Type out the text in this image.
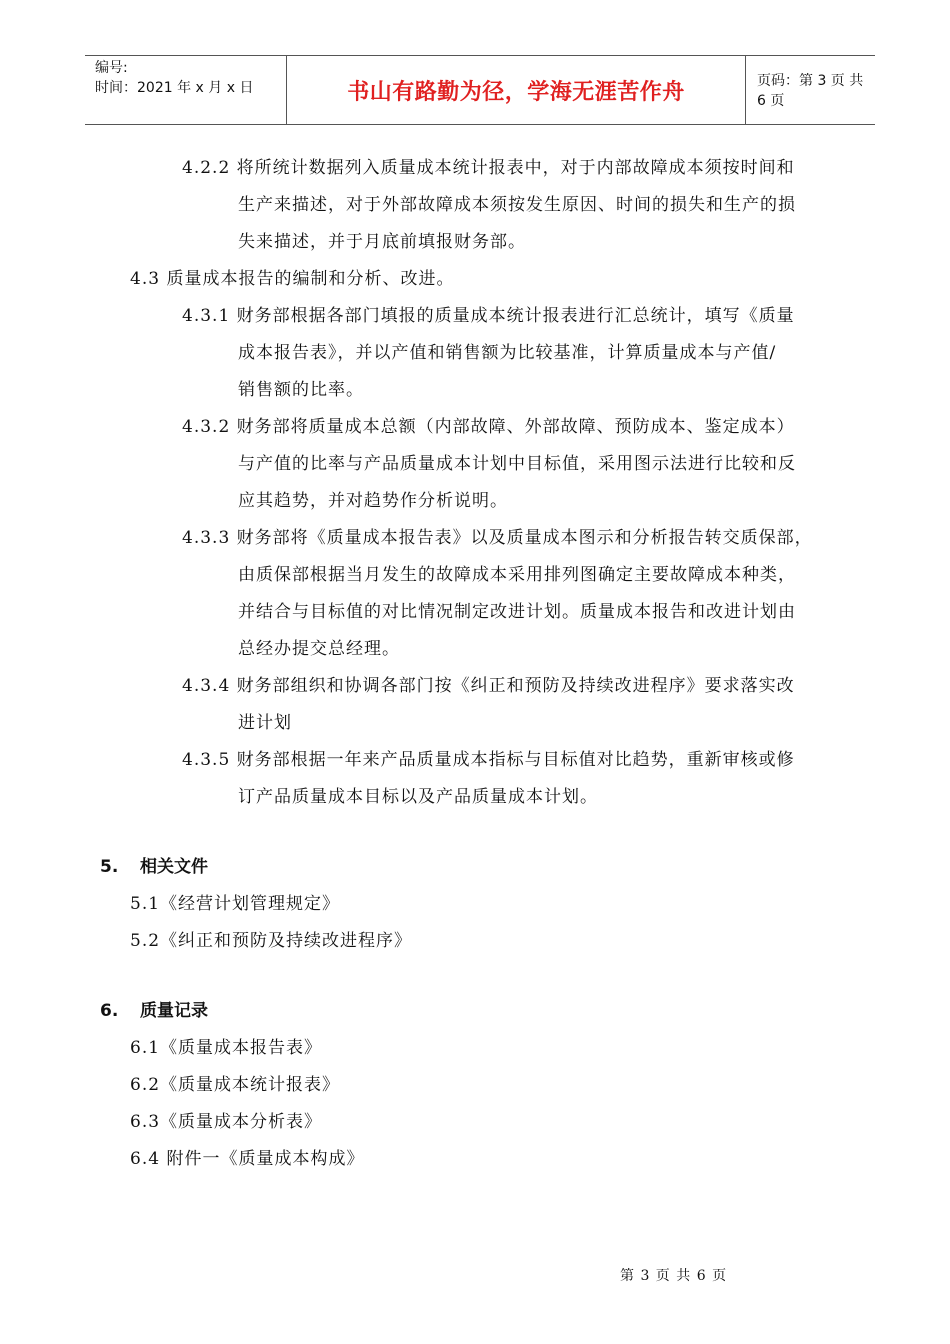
编号:
时间：2021 年 x 月 x 日	书山有路勤为径，学海无涯苦作舟	页码：第 3 页 共 6 页
4.2.2 将所统计数据列入质量成本统计报表中，对于内部故障成本须按时间和
生产来描述，对于外部故障成本须按发生原因、时间的损失和生产的损
失来描述，并于月底前填报财务部。
4.3 质量成本报告的编制和分析、改进。
4.3.1 财务部根据各部门填报的质量成本统计报表进行汇总统计，填写《质量
成本报告表》，并以产值和销售额为比较基准，计算质量成本与产值/
销售额的比率。
4.3.2 财务部将质量成本总额（内部故障、外部故障、预防成本、鉴定成本）
与产值的比率与产品质量成本计划中目标值，采用图示法进行比较和反
应其趋势，并对趋势作分析说明。
4.3.3 财务部将《质量成本报告表》以及质量成本图示和分析报告转交质保部，
由质保部根据当月发生的故障成本采用排列图确定主要故障成本种类，
并结合与目标值的对比情况制定改进计划。质量成本报告和改进计划由
总经办提交总经理。
4.3.4 财务部组织和协调各部门按《纠正和预防及持续改进程序》要求落实改
进计划
4.3.5 财务部根据一年来产品质量成本指标与目标值对比趋势，重新审核或修
订产品质量成本目标以及产品质量成本计划。
5. 相关文件
5.1《经营计划管理规定》
5.2《纠正和预防及持续改进程序》
6. 质量记录
6.1《质量成本报告表》
6.2《质量成本统计报表》
6.3《质量成本分析表》
6.4 附件一《质量成本构成》
第 3 页 共 6 页
